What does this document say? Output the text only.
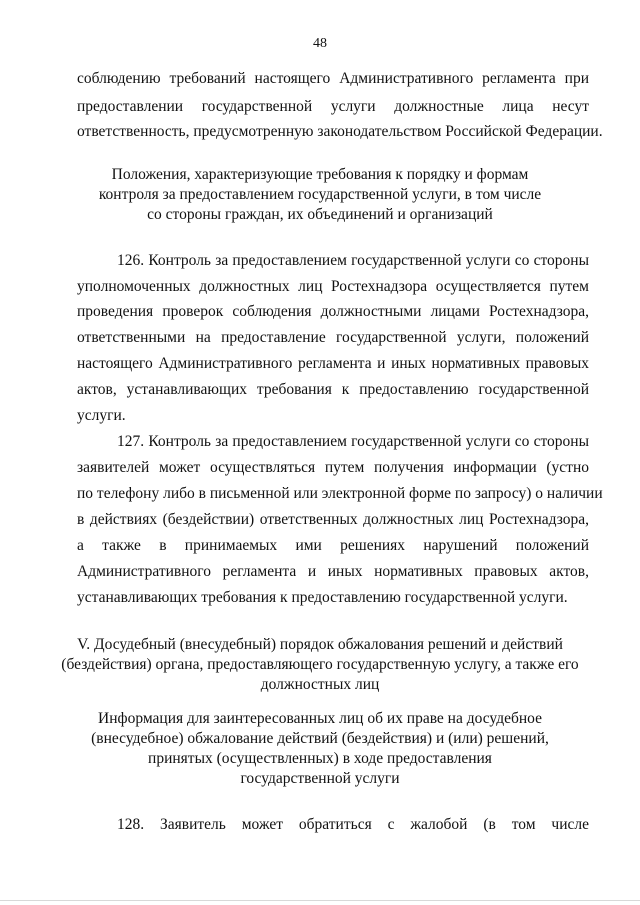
48
соблюдению требований настоящего Административного регламента при
предоставлении государственной услуги должностные лица несут
ответственность, предусмотренную законодательством Российской Федерации.
Положения, характеризующие требования к порядку и формам
контроля за предоставлением государственной услуги, в том числе
со стороны граждан, их объединений и организаций
126. Контроль за предоставлением государственной услуги со стороны
уполномоченных должностных лиц Ростехнадзора осуществляется путем
проведения проверок соблюдения должностными лицами Ростехнадзора,
ответственными на предоставление государственной услуги, положений
настоящего Административного регламента и иных нормативных правовых
актов, устанавливающих требования к предоставлению государственной
услуги.
127. Контроль за предоставлением государственной услуги со стороны
заявителей может осуществляться путем получения информации (устно
по телефону либо в письменной или электронной форме по запросу) о наличии
в действиях (бездействии) ответственных должностных лиц Ростехнадзора,
а также в принимаемых ими решениях нарушений положений
Административного регламента и иных нормативных правовых актов,
устанавливающих требования к предоставлению государственной услуги.
V. Досудебный (внесудебный) порядок обжалования решений и действий
(бездействия) органа, предоставляющего государственную услугу, а также его
должностных лиц
Информация для заинтересованных лиц об их праве на досудебное
(внесудебное) обжалование действий (бездействия) и (или) решений,
принятых (осуществленных) в ходе предоставления
государственной услуги
128. Заявитель может обратиться с жалобой (в том числе
